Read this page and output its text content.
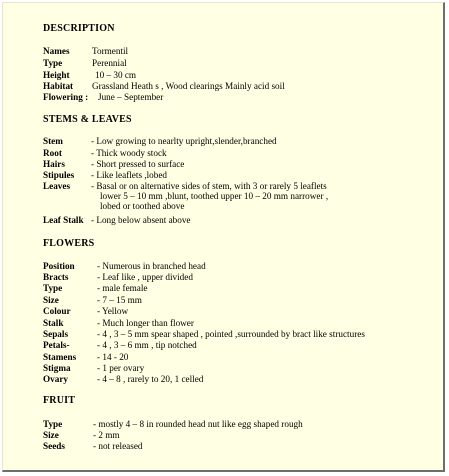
DESCRIPTION
Names Tormentil
Type	Perennial
Height	10 – 30 cm
Habitat Grassland Heath s , Wood clearings Mainly acid soil
Flowering : June – September
STEMS & LEAVES
Stem	- Low growing to nearlty upright,slender,branched
Root	- Thick woody stock
Hairs	- Short pressed to surface
Stipules - Like leaflets ,lobed
Leaves - Basal or on alternative sides of stem, with 3 or rarely 5 leaflets
lower 5 – 10 mm ,blunt, toothed upper 10 – 20 mm narrower ,
lobed or toothed above
Leaf Stalk - Long below absent above
FLOWERS
Position - Numerous in branched head
Bracts	- Leaf like , upper divided
Type	- male female
Size	- 7 – 15 mm
Colour	- Yellow
Stalk	- Much longer than flower
Sepals	- 4 , 3 – 5 mm spear shaped , pointed ,surrounded by bract like structures
Petals-	- 4 , 3 – 6 mm , tip notched
Stamens - 14 - 20
Stigma	- 1 per ovary
Ovary	- 4 – 8 , rarely to 20, 1 celled
FRUIT
Type	- mostly 4 – 8 in rounded head nut like egg shaped rough
Size	- 2 mm
Seeds	- not released
